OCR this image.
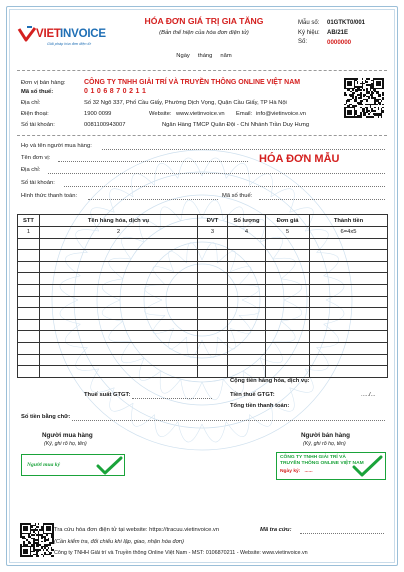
VIET INVOICE
Giải pháp hóa đơn điện tử
HÓA ĐƠN GIÁ TRỊ GIA TĂNG
(Bản thể hiện của hóa đơn điện tử)
Ngày     tháng     năm
Mẫu số: 01GTKT0/001
Ký hiệu: AB/21E
Số:	0000000
Đơn vị bán hàng:	CÔNG TY TNHH GIẢI TRÍ VÀ TRUYỀN THÔNG ONLINE VIỆT NAM
Mã số thuế:	0 1 0 6 8 7 0 2 1 1
Địa chỉ:	Số 32 Ngõ 337, Phố Cầu Giấy, Phường Dịch Vọng, Quận Cầu Giấy, TP Hà Nội
Điện thoại:	1900 0099	Website: www.vietinvoice.vn Email: info@vietinvoice.vn
Số tài khoản:	0081100943007	Ngân Hàng TMCP Quân Đội - Chi Nhánh Trần Duy Hưng
Họ và tên người mua hàng:
Tên đơn vị:
Địa chỉ:
Số tài khoản:
Hình thức thanh toán:	Mã số thuế:
HÓA ĐƠN MẪU
STT	Tên hàng hóa, dịch vụ	ĐVT	Số lượng	Đơn giá	Thành tiền
1	2	3	4	5	6=4x5

Cộng tiền hàng hóa, dịch vụ:
Thuế suất GTGT:	Tiền thuế GTGT:	...../...
Tổng tiền thanh toán:
Số tiền bằng chữ:
Người mua hàng
(Ký, ghi rõ họ, tên)
Người mua ký
Người bán hàng
(Ký, ghi rõ họ, tên)
CÔNG TY TNHH GIẢI TRÍ VÀ
TRUYỀN THÔNG ONLINE VIỆT NAM
Ngày ký:   ......
Tra cứu hóa đơn điện tử tại website: https://tracuu.vietinvoice.vn	Mã tra cứu:
(Cần kiểm tra, đối chiếu khi lập, giao, nhận hóa đơn)
Công ty TNHH Giải trí và Truyền thông Online Việt Nam - MST: 0106870211 - Website: www.vietinvoice.vn
